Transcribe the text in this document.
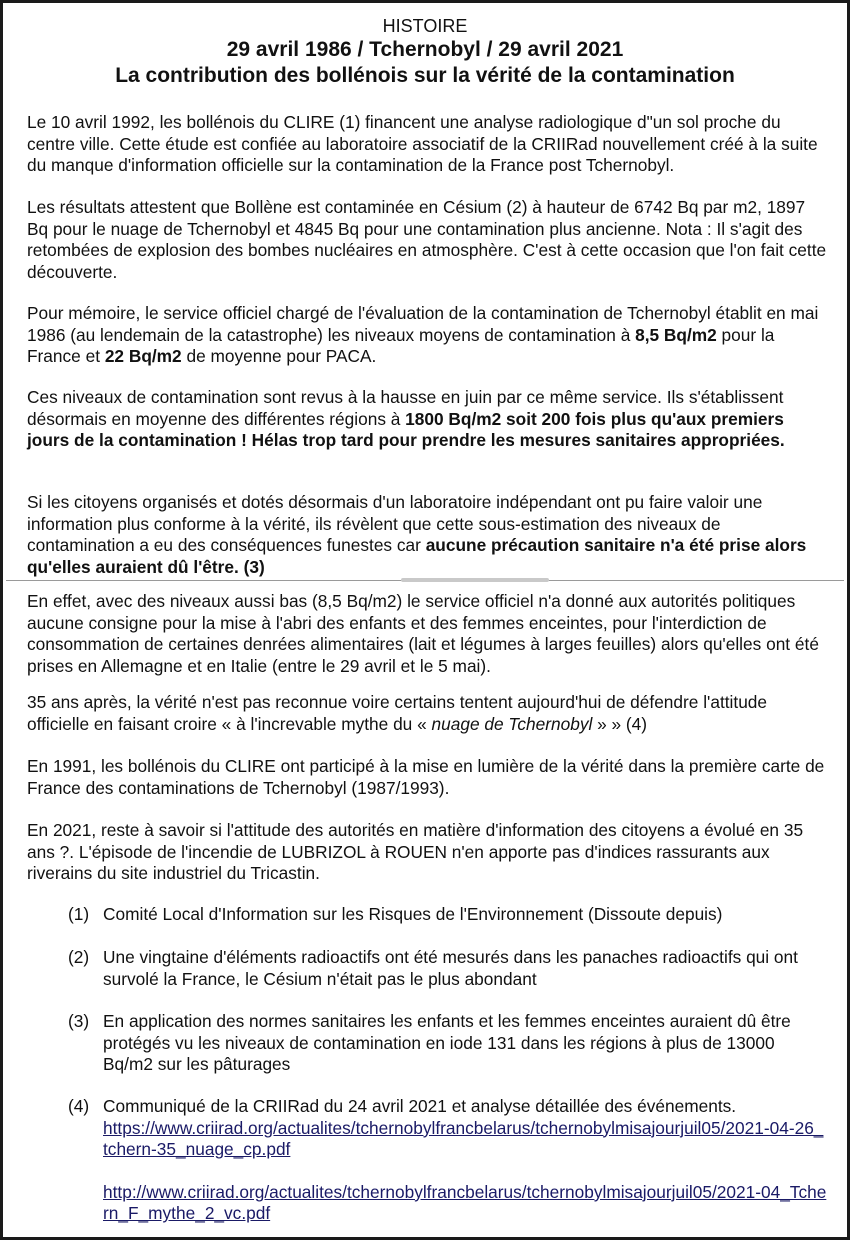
HISTOIRE
29 avril 1986 / Tchernobyl / 29 avril 2021
La contribution des bollénois sur la vérité de la contamination

Le 10 avril 1992, les bollénois du CLIRE (1) financent une analyse radiologique d"un sol proche du centre ville. Cette étude est confiée au laboratoire associatif de la CRIIRad nouvellement créé à la suite du manque d'information officielle sur la contamination de la France post Tchernobyl.

Les résultats attestent que Bollène est contaminée en Césium (2) à hauteur de 6742 Bq par m2, 1897 Bq pour le nuage de Tchernobyl et 4845 Bq pour une contamination plus ancienne. Nota : Il s'agit des retombées de explosion des bombes nucléaires en atmosphère. C'est à cette occasion que l'on fait cette découverte.

Pour mémoire, le service officiel chargé de l'évaluation de la contamination de Tchernobyl établit en mai 1986 (au lendemain de la catastrophe) les niveaux moyens de contamination à 8,5 Bq/m2 pour la France et 22 Bq/m2 de moyenne pour PACA.

Ces niveaux de contamination sont revus à la hausse en juin par ce même service. Ils s'établissent désormais en moyenne des différentes régions à 1800 Bq/m2 soit 200 fois plus qu'aux premiers jours de la contamination ! Hélas trop tard pour prendre les mesures sanitaires appropriées.

Si les citoyens organisés et dotés désormais d'un laboratoire indépendant ont pu faire valoir une information plus conforme à la vérité, ils révèlent que cette sous-estimation des niveaux de contamination a eu des conséquences funestes car aucune précaution sanitaire n'a été prise alors qu'elles auraient dû l'être. (3)

En effet, avec des niveaux aussi bas (8,5 Bq/m2) le service officiel n'a donné aux autorités politiques aucune consigne pour la mise à l'abri des enfants et des femmes enceintes, pour l'interdiction de consommation de certaines denrées alimentaires (lait et légumes à larges feuilles) alors qu'elles ont été prises en Allemagne et en Italie (entre le 29 avril et le 5 mai).

35 ans après, la vérité n'est pas reconnue voire certains tentent aujourd'hui de défendre l'attitude officielle en faisant croire « à l'increvable mythe du « nuage de Tchernobyl » » (4)

En 1991, les bollénois du CLIRE ont participé à la mise en lumière de la vérité dans la première carte de France des contaminations de Tchernobyl (1987/1993).

En 2021, reste à savoir si l'attitude des autorités en matière d'information des citoyens a évolué en 35 ans ?. L'épisode de l'incendie de LUBRIZOL à ROUEN n'en apporte pas d'indices rassurants aux riverains du site industriel du Tricastin.

(1) Comité Local d'Information sur les Risques de l'Environnement (Dissoute depuis)
(2) Une vingtaine d'éléments radioactifs ont été mesurés dans les panaches radioactifs qui ont survolé la France, le Césium n'était pas le plus abondant
(3) En application des normes sanitaires les enfants et les femmes enceintes auraient dû être protégés vu les niveaux de contamination en iode 131 dans les régions à plus de 13000 Bq/m2 sur les pâturages
(4) Communiqué de la CRIIRad du 24 avril 2021 et analyse détaillée des événements.
https://www.criirad.org/actualites/tchernobylfrancbelarus/tchernobylmisajourjuil05/2021-04-26_tchern-35_nuage_cp.pdf
http://www.criirad.org/actualites/tchernobylfrancbelarus/tchernobylmisajourjuil05/2021-04_Tchern_F_mythe_2_vc.pdf
